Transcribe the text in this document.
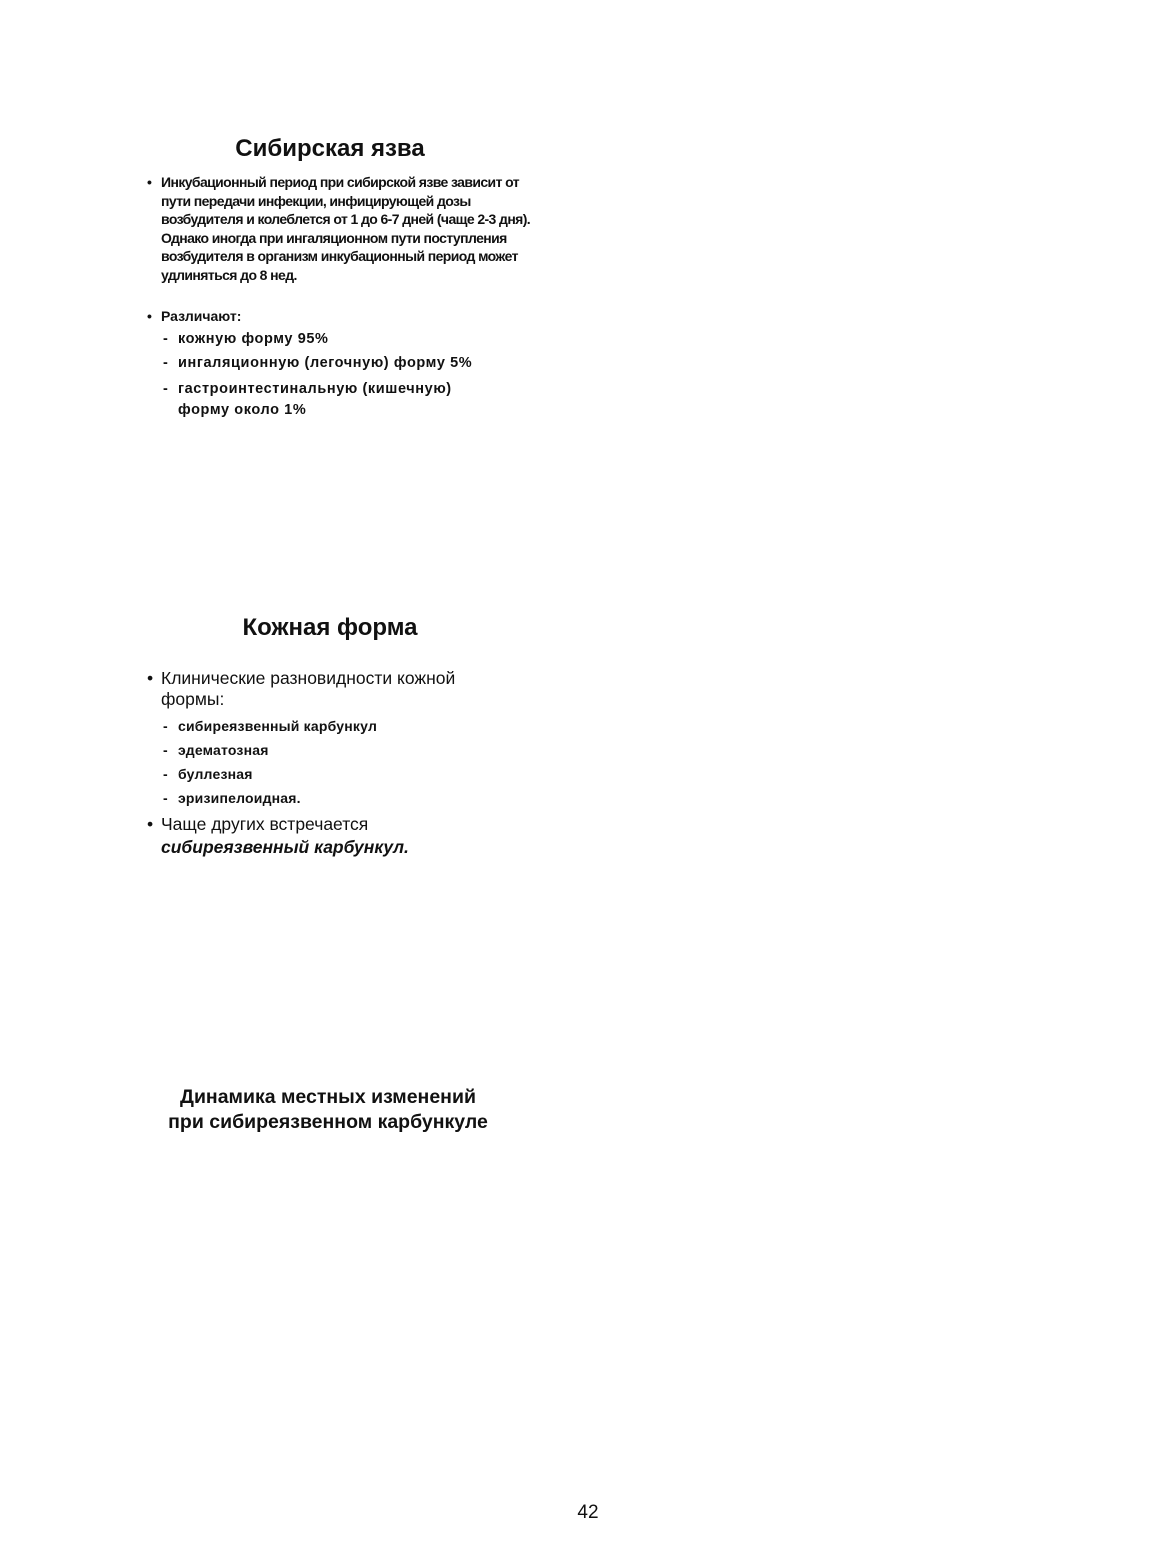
Сибирская язва
• Инкубационный период при сибирской язве зависит от пути передачи инфекции, инфицирующей дозы возбудителя и колеблется от 1 до 6-7 дней (чаще 2-3 дня). Однако иногда при ингаляционном пути поступления возбудителя в организм инкубационный период может удлиняться до 8 нед.
• Различают:
- кожную форму 95%
- ингаляционную (легочную) форму 5%
- гастроинтестинальную (кишечную)
форму около 1%
Кожная форма
• Клинические разновидности кожной формы:
- сибиреязвенный карбункул
- эдематозная
- буллезная
- эризипелоидная.
• Чаще других встречается
сибиреязвенный карбункул.
Динамика местных изменений
при сибиреязвенном карбункуле
42
